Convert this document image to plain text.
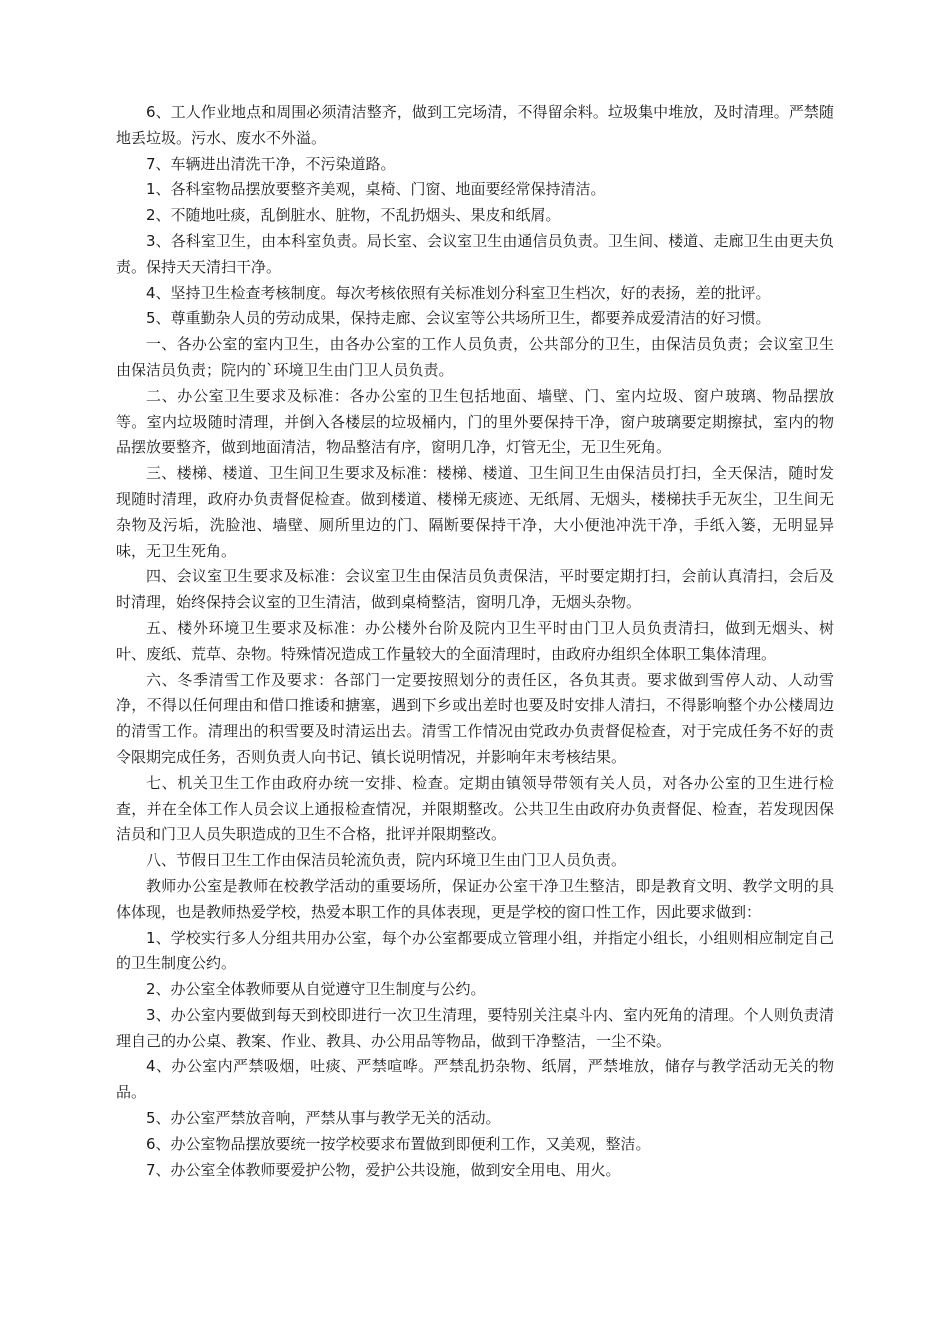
6、工人作业地点和周围必须清洁整齐，做到工完场清，不得留余料。垃圾集中堆放，及时清理。严禁随地丢垃圾。污水、废水不外溢。

7、车辆进出清洗干净，不污染道路。

1、各科室物品摆放要整齐美观，桌椅、门窗、地面要经常保持清洁。

2、不随地吐痰，乱倒脏水、脏物，不乱扔烟头、果皮和纸屑。

3、各科室卫生，由本科室负责。局长室、会议室卫生由通信员负责。卫生间、楼道、走廊卫生由更夫负责。保持天天清扫干净。

4、坚持卫生检查考核制度。每次考核依照有关标准划分科室卫生档次，好的表扬，差的批评。

5、尊重勤杂人员的劳动成果，保持走廊、会议室等公共场所卫生，都要养成爱清洁的好习惯。

一、各办公室的室内卫生，由各办公室的工作人员负责，公共部分的卫生，由保洁员负责；会议室卫生由保洁员负责；院内的`环境卫生由门卫人员负责。

二、办公室卫生要求及标准：各办公室的卫生包括地面、墙壁、门、室内垃圾、窗户玻璃、物品摆放等。室内垃圾随时清理，并倒入各楼层的垃圾桶内，门的里外要保持干净，窗户玻璃要定期擦拭，室内的物品摆放要整齐，做到地面清洁，物品整洁有序，窗明几净，灯管无尘，无卫生死角。

三、楼梯、楼道、卫生间卫生要求及标准：楼梯、楼道、卫生间卫生由保洁员打扫，全天保洁，随时发现随时清理，政府办负责督促检查。做到楼道、楼梯无痰迹、无纸屑、无烟头，楼梯扶手无灰尘，卫生间无杂物及污垢，洗脸池、墙壁、厕所里边的门、隔断要保持干净，大小便池冲洗干净，手纸入篓，无明显异味，无卫生死角。

四、会议室卫生要求及标准：会议室卫生由保洁员负责保洁，平时要定期打扫，会前认真清扫，会后及时清理，始终保持会议室的卫生清洁，做到桌椅整洁，窗明几净，无烟头杂物。

五、楼外环境卫生要求及标准：办公楼外台阶及院内卫生平时由门卫人员负责清扫，做到无烟头、树叶、废纸、荒草、杂物。特殊情况造成工作量较大的全面清理时，由政府办组织全体职工集体清理。

六、冬季清雪工作及要求：各部门一定要按照划分的责任区，各负其责。要求做到雪停人动、人动雪净，不得以任何理由和借口推诿和搪塞，遇到下乡或出差时也要及时安排人清扫，不得影响整个办公楼周边的清雪工作。清理出的积雪要及时清运出去。清雪工作情况由党政办负责督促检查，对于完成任务不好的责令限期完成任务，否则负责人向书记、镇长说明情况，并影响年末考核结果。

七、机关卫生工作由政府办统一安排、检查。定期由镇领导带领有关人员，对各办公室的卫生进行检查，并在全体工作人员会议上通报检查情况，并限期整改。公共卫生由政府办负责督促、检查，若发现因保洁员和门卫人员失职造成的卫生不合格，批评并限期整改。

八、节假日卫生工作由保洁员轮流负责，院内环境卫生由门卫人员负责。

教师办公室是教师在校教学活动的重要场所，保证办公室干净卫生整洁，即是教育文明、教学文明的具体体现，也是教师热爱学校，热爱本职工作的具体表现，更是学校的窗口性工作，因此要求做到：

1、学校实行多人分组共用办公室，每个办公室都要成立管理小组，并指定小组长，小组则相应制定自己的卫生制度公约。

2、办公室全体教师要从自觉遵守卫生制度与公约。

3、办公室内要做到每天到校即进行一次卫生清理，要特别关注桌斗内、室内死角的清理。个人则负责清理自己的办公桌、教案、作业、教具、办公用品等物品，做到干净整洁，一尘不染。

4、办公室内严禁吸烟，吐痰、严禁喧哗。严禁乱扔杂物、纸屑，严禁堆放，储存与教学活动无关的物品。

5、办公室严禁放音响，严禁从事与教学无关的活动。

6、办公室物品摆放要统一按学校要求布置做到即便利工作，又美观，整洁。

7、办公室全体教师要爱护公物，爱护公共设施，做到安全用电、用火。
